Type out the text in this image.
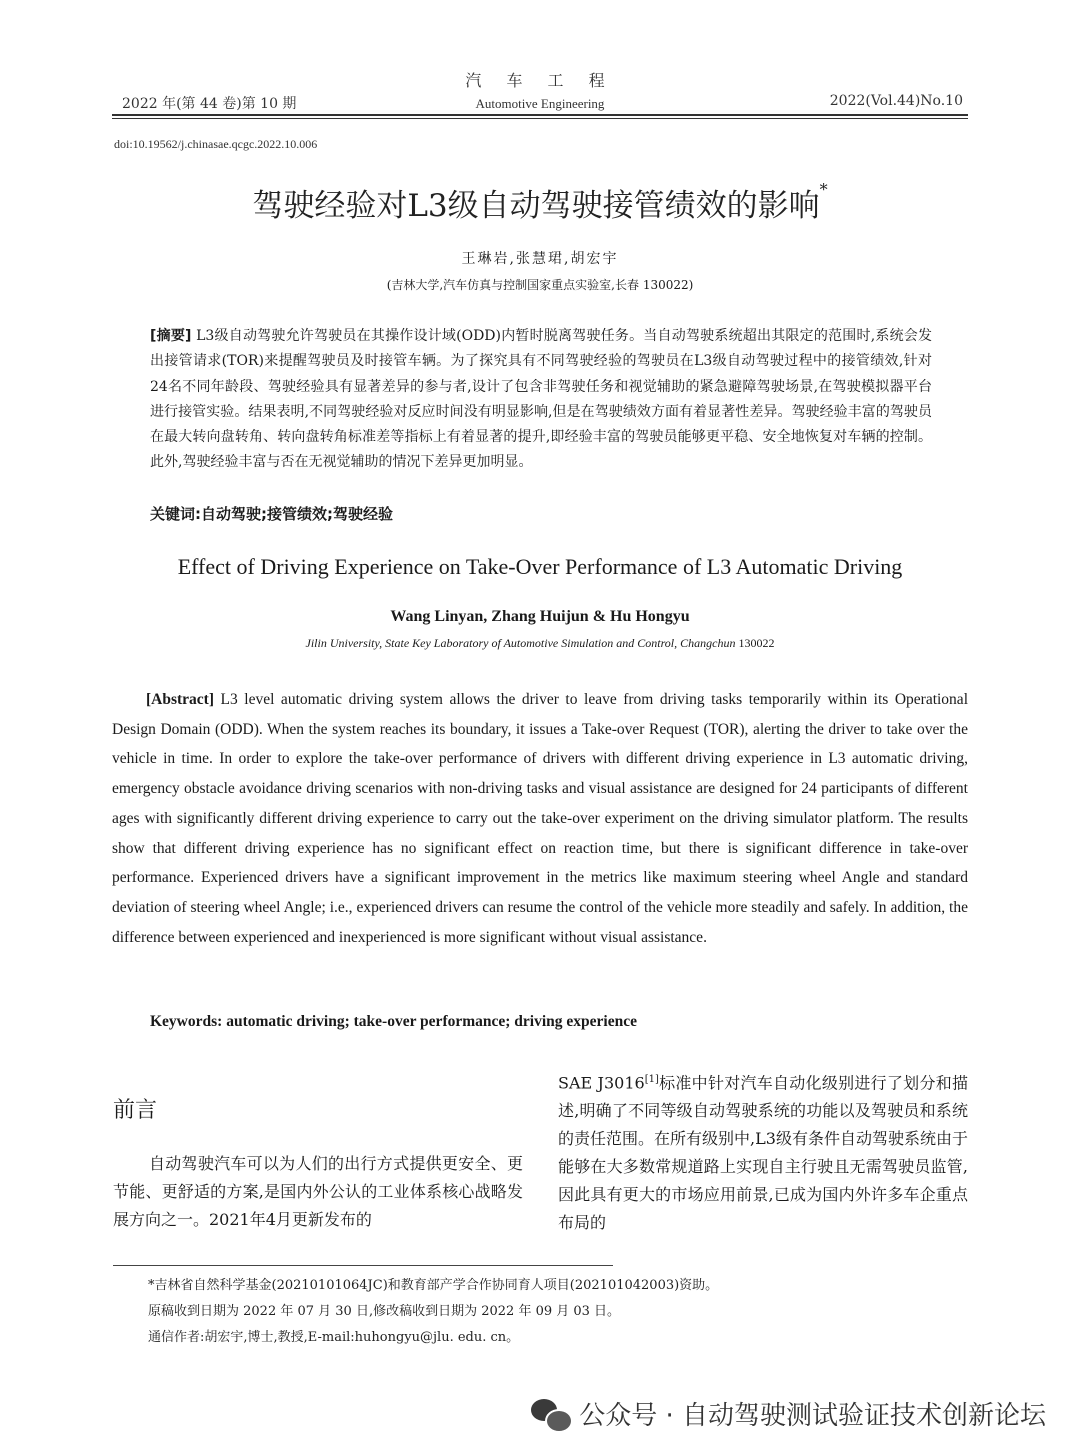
汽 车 工 程
2022 年(第 44 卷)第 10 期	Automotive Engineering	2022(Vol.44)No.10
doi:10.19562/j.chinasae.qcgc.2022.10.006
驾驶经验对L3级自动驾驶接管绩效的影响*
王琳岩,张慧珺,胡宏宇
(吉林大学,汽车仿真与控制国家重点实验室,长春 130022)
[摘要] L3级自动驾驶允许驾驶员在其操作设计域(ODD)内暂时脱离驾驶任务。当自动驾驶系统超出其限定的范围时,系统会发出接管请求(TOR)来提醒驾驶员及时接管车辆。为了探究具有不同驾驶经验的驾驶员在L3级自动驾驶过程中的接管绩效,针对24名不同年龄段、驾驶经验具有显著差异的参与者,设计了包含非驾驶任务和视觉辅助的紧急避障驾驶场景,在驾驶模拟器平台进行接管实验。结果表明,不同驾驶经验对反应时间没有明显影响,但是在驾驶绩效方面有着显著性差异。驾驶经验丰富的驾驶员在最大转向盘转角、转向盘转角标准差等指标上有着显著的提升,即经验丰富的驾驶员能够更平稳、安全地恢复对车辆的控制。此外,驾驶经验丰富与否在无视觉辅助的情况下差异更加明显。
关键词:自动驾驶;接管绩效;驾驶经验
Effect of Driving Experience on Take-Over Performance of L3 Automatic Driving
Wang Linyan, Zhang Huijun & Hu Hongyu
Jilin University, State Key Laboratory of Automotive Simulation and Control, Changchun 130022
[Abstract] L3 level automatic driving system allows the driver to leave from driving tasks temporarily within its Operational Design Domain (ODD). When the system reaches its boundary, it issues a Take-over Request (TOR), alerting the driver to take over the vehicle in time. In order to explore the take-over performance of drivers with different driving experience in L3 automatic driving, emergency obstacle avoidance driving scenarios with non-driving tasks and visual assistance are designed for 24 participants of different ages with significantly different driving experience to carry out the take-over experiment on the driving simulator platform. The results show that different driving experience has no significant effect on reaction time, but there is significant difference in take-over performance. Experienced drivers have a significant improvement in the metrics like maximum steering wheel Angle and standard deviation of steering wheel Angle; i.e., experienced drivers can resume the control of the vehicle more steadily and safely. In addition, the difference between experienced and inexperienced is more significant without visual assistance.
Keywords: automatic driving; take-over performance; driving experience
前言
自动驾驶汽车可以为人们的出行方式提供更安全、更节能、更舒适的方案,是国内外公认的工业体系核心战略发展方向之一。2021年4月更新发布的
SAE J3016[1]标准中针对汽车自动化级别进行了划分和描述,明确了不同等级自动驾驶系统的功能以及驾驶员和系统的责任范围。在所有级别中,L3级有条件自动驾驶系统由于能够在大多数常规道路上实现自主行驶且无需驾驶员监管,因此具有更大的市场应用前景,已成为国内外许多车企重点布局的
*吉林省自然科学基金(20210101064JC)和教育部产学合作协同育人项目(202101042003)资助。
原稿收到日期为 2022 年 07 月 30 日,修改稿收到日期为 2022 年 09 月 03 日。
通信作者:胡宏宇,博士,教授,E-mail:huhongyu@jlu. edu. cn。
公众号 · 自动驾驶测试验证技术创新论坛
